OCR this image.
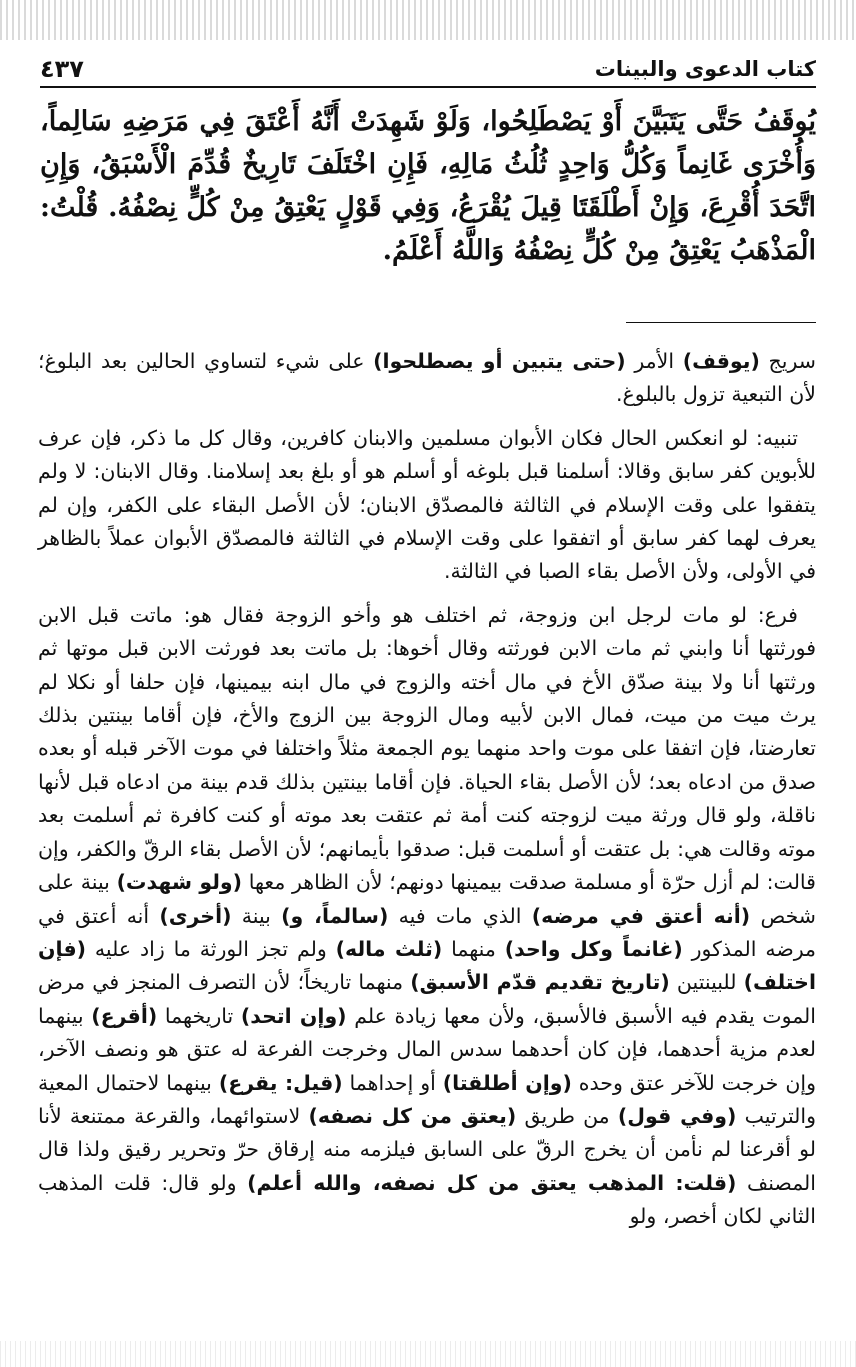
كتاب الدعوى والبينات
٤٣٧
يُوقَفُ حَتَّى يَتَبَيَّنَ أَوْ يَصْطَلِحُوا، وَلَوْ شَهِدَتْ أَنَّهُ أَعْتَقَ فِي مَرَضِهِ سَالِماً، وَأُخْرَى غَانِماً وَكُلُّ وَاحِدٍ ثُلُثُ مَالِهِ، فَإِنِ اخْتَلَفَ تَارِيخٌ قُدِّمَ الْأَسْبَقُ، وَإِنِ اتَّحَدَ أُقْرِعَ، وَإِنْ أَطْلَقَتَا قِيلَ يُقْرَعُ، وَفِي قَوْلٍ يَعْتِقُ مِنْ كُلٍّ نِصْفُهُ. قُلْتُ: الْمَذْهَبُ يَعْتِقُ مِنْ كُلٍّ نِصْفُهُ وَاللَّهُ أَعْلَمُ.

سريج (يوقف) الأمر (حتى يتبين أو يصطلحوا) على شيء لتساوي الحالين بعد البلوغ؛ لأن التبعية تزول بالبلوغ.

تنبيه: لو انعكس الحال فكان الأبوان مسلمين والابنان كافرين، وقال كل ما ذكر، فإن عرف للأبوين كفر سابق وقالا: أسلمنا قبل بلوغه أو أسلم هو أو بلغ بعد إسلامنا. وقال الابنان: لا ولم يتفقوا على وقت الإسلام في الثالثة فالمصدّق الابنان؛ لأن الأصل البقاء على الكفر، وإن لم يعرف لهما كفر سابق أو اتفقوا على وقت الإسلام في الثالثة فالمصدّق الأبوان عملاً بالظاهر في الأولى، ولأن الأصل بقاء الصبا في الثالثة.

فرع: لو مات لرجل ابن وزوجة، ثم اختلف هو وأخو الزوجة فقال هو: ماتت قبل الابن فورثتها أنا وابني ثم مات الابن فورثته وقال أخوها: بل ماتت بعد فورثت الابن قبل موتها ثم ورثتها أنا ولا بينة صدّق الأخ في مال أخته والزوج في مال ابنه بيمينها، فإن حلفا أو نكلا لم يرث ميت من ميت، فمال الابن لأبيه ومال الزوجة بين الزوج والأخ، فإن أقاما بينتين بذلك تعارضتا، فإن اتفقا على موت واحد منهما يوم الجمعة مثلاً واختلفا في موت الآخر قبله أو بعده صدق من ادعاه بعد؛ لأن الأصل بقاء الحياة. فإن أقاما بينتين بذلك قدم بينة من ادعاه قبل لأنها ناقلة، ولو قال ورثة ميت لزوجته كنت أمة ثم عتقت بعد موته أو كنت كافرة ثم أسلمت بعد موته وقالت هي: بل عتقت أو أسلمت قبل: صدقوا بأيمانهم؛ لأن الأصل بقاء الرقّ والكفر، وإن قالت: لم أزل حرّة أو مسلمة صدقت بيمينها دونهم؛ لأن الظاهر معها (ولو شهدت) بينة على شخص (أنه أعتق في مرضه) الذي مات فيه (سالماً، و) بينة (أخرى) أنه أعتق في مرضه المذكور (غانماً وكل واحد) منهما (ثلث ماله) ولم تجز الورثة ما زاد عليه (فإن اختلف) للبينتين (تاريخ تقديم قدّم الأسبق) منهما تاريخاً؛ لأن التصرف المنجز في مرض الموت يقدم فيه الأسبق فالأسبق، ولأن معها زيادة علم (وإن اتحد) تاريخهما (أقرع) بينهما لعدم مزية أحدهما، فإن كان أحدهما سدس المال وخرجت الفرعة له عتق هو ونصف الآخر، وإن خرجت للآخر عتق وحده (وإن أطلقتا) أو إحداهما (قيل: يقرع) بينهما لاحتمال المعية والترتيب (وفي قول) من طريق (يعتق من كل نصفه) لاستوائهما، والقرعة ممتنعة لأنا لو أقرعنا لم نأمن أن يخرج الرقّ على السابق فيلزمه منه إرقاق حرّ وتحرير رقيق ولذا قال المصنف (قلت: المذهب يعتق من كل نصفه، والله أعلم) ولو قال: قلت المذهب الثاني لكان أخصر، ولو
